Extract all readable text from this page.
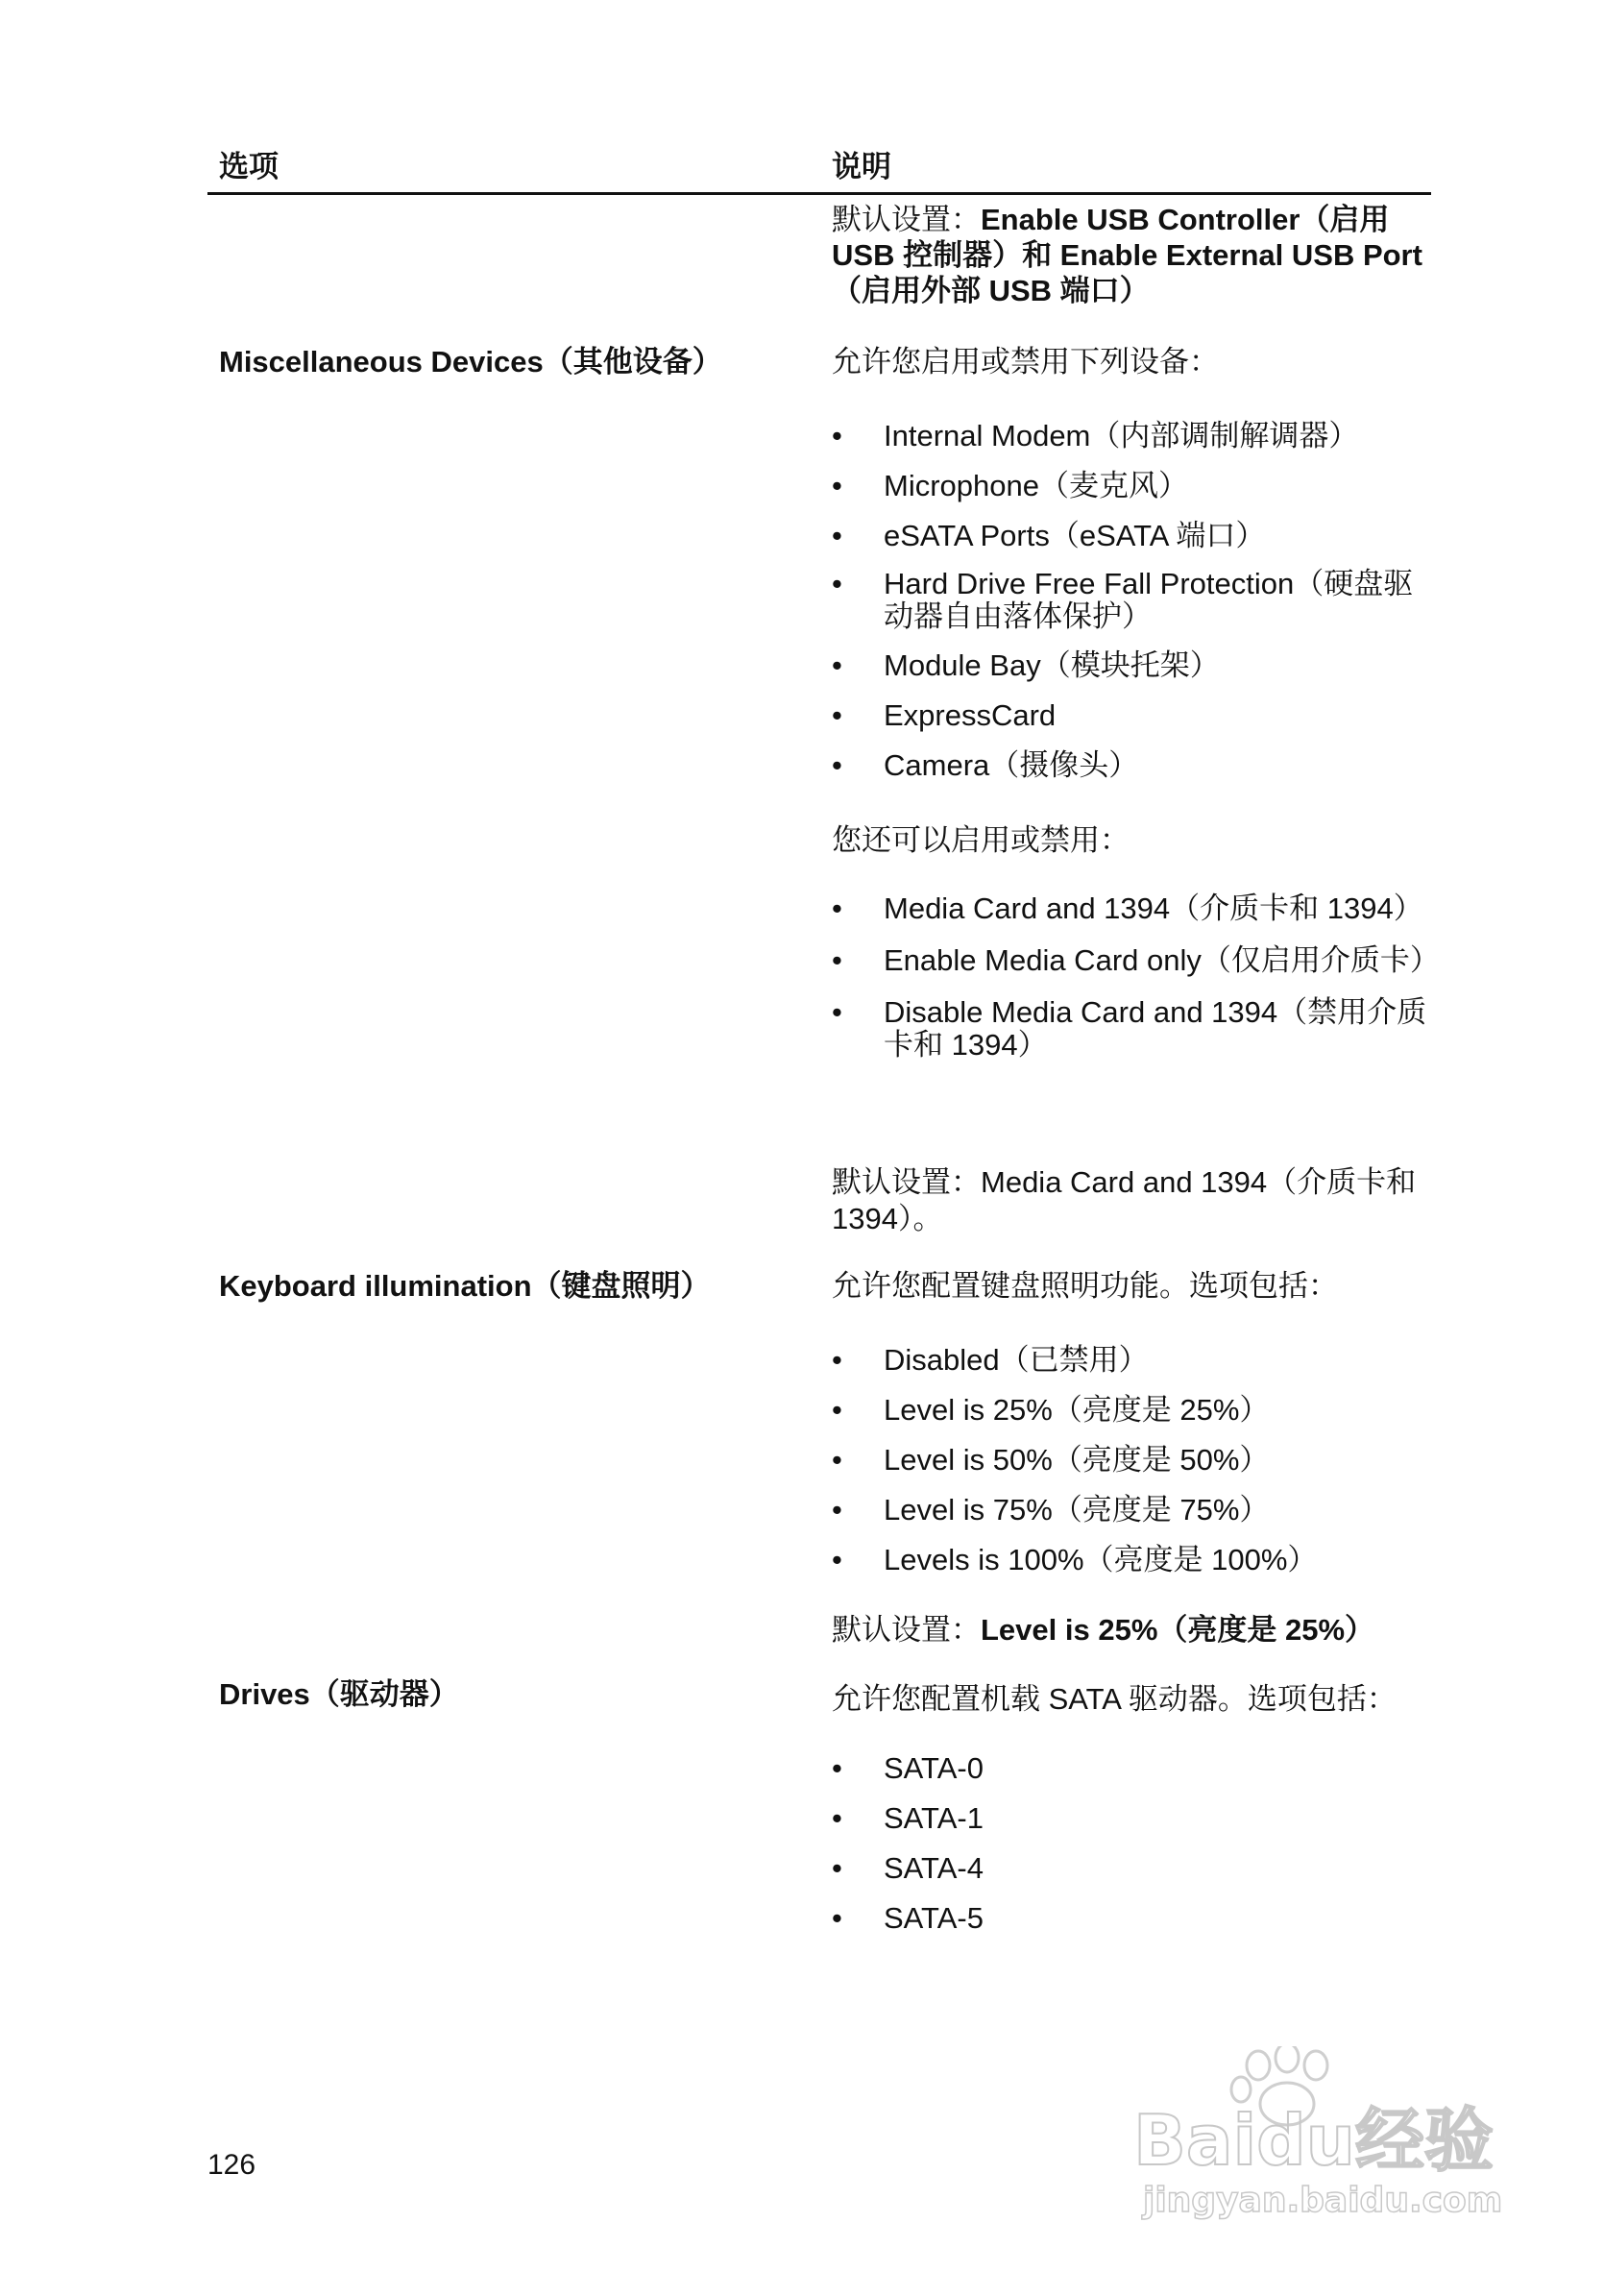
选项	说明

默认设置：Enable USB Controller（启用 USB 控制器）和 Enable External USB Port（启用外部 USB 端口）

Miscellaneous Devices（其他设备）	允许您启用或禁用下列设备：

• Internal Modem（内部调制解调器）
• Microphone（麦克风）
• eSATA Ports（eSATA 端口）
• Hard Drive Free Fall Protection（硬盘驱动器自由落体保护）
• Module Bay（模块托架）
• ExpressCard
• Camera（摄像头）

您还可以启用或禁用：

• Media Card and 1394（介质卡和 1394）
• Enable Media Card only（仅启用介质卡）
• Disable Media Card and 1394（禁用介质卡和 1394）

默认设置：Media Card and 1394（介质卡和 1394）。

Keyboard illumination（键盘照明）	允许您配置键盘照明功能。选项包括：

• Disabled（已禁用）
• Level is 25%（亮度是 25%）
• Level is 50%（亮度是 50%）
• Level is 75%（亮度是 75%）
• Levels is 100%（亮度是 100%）

默认设置：Level is 25%（亮度是 25%）

Drives（驱动器）	允许您配置机载 SATA 驱动器。选项包括：

• SATA-0
• SATA-1
• SATA-4
• SATA-5
126	Baidu经验
jingyan.baidu.com
